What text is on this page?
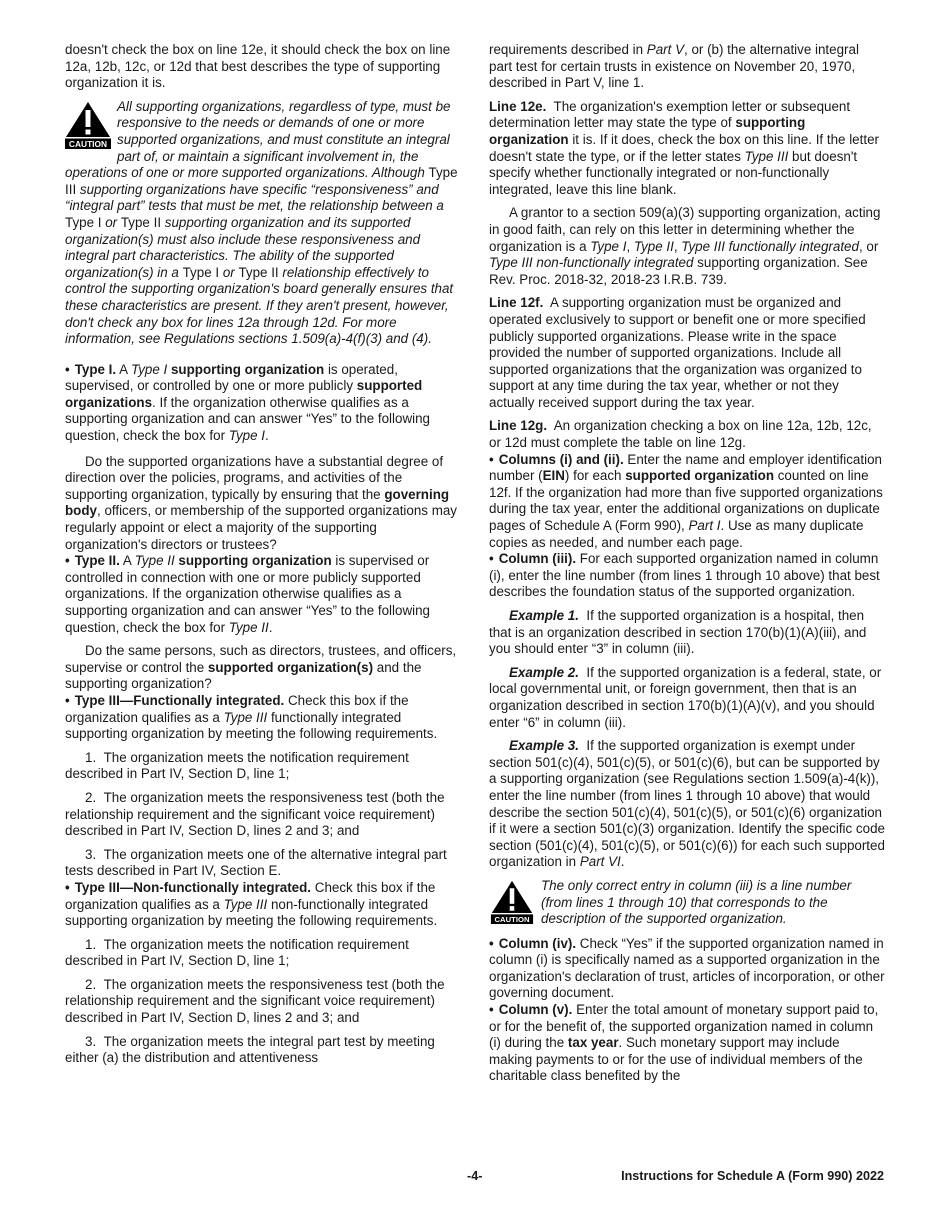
doesn't check the box on line 12e, it should check the box on line 12a, 12b, 12c, or 12d that best describes the type of supporting organization it is.

CAUTION
All supporting organizations, regardless of type, must be responsive to the needs or demands of one or more supported organizations, and must constitute an integral part of, or maintain a significant involvement in, the operations of one or more supported organizations. Although Type III supporting organizations have specific “responsiveness” and “integral part” tests that must be met, the relationship between a Type I or Type II supporting organization and its supported organization(s) must also include these responsiveness and integral part characteristics. The ability of the supported organization(s) in a Type I or Type II relationship effectively to control the supporting organization's board generally ensures that these characteristics are present. If they aren't present, however, don't check any box for lines 12a through 12d. For more information, see Regulations sections 1.509(a)-4(f)(3) and (4).

• Type I. A Type I supporting organization is operated, supervised, or controlled by one or more publicly supported organizations. If the organization otherwise qualifies as a supporting organization and can answer “Yes” to the following question, check the box for Type I.

Do the supported organizations have a substantial degree of direction over the policies, programs, and activities of the supporting organization, typically by ensuring that the governing body, officers, or membership of the supported organizations may regularly appoint or elect a majority of the supporting organization's directors or trustees?

• Type II. A Type II supporting organization is supervised or controlled in connection with one or more publicly supported organizations. If the organization otherwise qualifies as a supporting organization and can answer “Yes” to the following question, check the box for Type II.

Do the same persons, such as directors, trustees, and officers, supervise or control the supported organization(s) and the supporting organization?

• Type III—Functionally integrated. Check this box if the organization qualifies as a Type III functionally integrated supporting organization by meeting the following requirements.

1.  The organization meets the notification requirement described in Part IV, Section D, line 1;

2.  The organization meets the responsiveness test (both the relationship requirement and the significant voice requirement) described in Part IV, Section D, lines 2 and 3; and

3.  The organization meets one of the alternative integral part tests described in Part IV, Section E.

• Type III—Non-functionally integrated. Check this box if the organization qualifies as a Type III non-functionally integrated supporting organization by meeting the following requirements.

1.  The organization meets the notification requirement described in Part IV, Section D, line 1;

2.  The organization meets the responsiveness test (both the relationship requirement and the significant voice requirement) described in Part IV, Section D, lines 2 and 3; and

3.  The organization meets the integral part test by meeting either (a) the distribution and attentiveness

requirements described in Part V, or (b) the alternative integral part test for certain trusts in existence on November 20, 1970, described in Part V, line 1.

Line 12e.  The organization's exemption letter or subsequent determination letter may state the type of supporting organization it is. If it does, check the box on this line. If the letter doesn't state the type, or if the letter states Type III but doesn't specify whether functionally integrated or non-functionally integrated, leave this line blank.

A grantor to a section 509(a)(3) supporting organization, acting in good faith, can rely on this letter in determining whether the organization is a Type I, Type II, Type III functionally integrated, or Type III non-functionally integrated supporting organization. See Rev. Proc. 2018-32, 2018-23 I.R.B. 739.

Line 12f.  A supporting organization must be organized and operated exclusively to support or benefit one or more specified publicly supported organizations. Please write in the space provided the number of supported organizations. Include all supported organizations that the organization was organized to support at any time during the tax year, whether or not they actually received support during the tax year.

Line 12g.  An organization checking a box on line 12a, 12b, 12c, or 12d must complete the table on line 12g.

• Columns (i) and (ii). Enter the name and employer identification number (EIN) for each supported organization counted on line 12f. If the organization had more than five supported organizations during the tax year, enter the additional organizations on duplicate pages of Schedule A (Form 990), Part I. Use as many duplicate copies as needed, and number each page.

• Column (iii). For each supported organization named in column (i), enter the line number (from lines 1 through 10 above) that best describes the foundation status of the supported organization.

Example 1.  If the supported organization is a hospital, then that is an organization described in section 170(b)(1)(A)(iii), and you should enter “3” in column (iii).

Example 2.  If the supported organization is a federal, state, or local governmental unit, or foreign government, then that is an organization described in section 170(b)(1)(A)(v), and you should enter “6” in column (iii).

Example 3.  If the supported organization is exempt under section 501(c)(4), 501(c)(5), or 501(c)(6), but can be supported by a supporting organization (see Regulations section 1.509(a)-4(k)), enter the line number (from lines 1 through 10 above) that would describe the section 501(c)(4), 501(c)(5), or 501(c)(6) organization if it were a section 501(c)(3) organization. Identify the specific code section (501(c)(4), 501(c)(5), or 501(c)(6)) for each such supported organization in Part VI.

CAUTION
The only correct entry in column (iii) is a line number (from lines 1 through 10) that corresponds to the description of the supported organization.

• Column (iv). Check “Yes” if the supported organization named in column (i) is specifically named as a supported organization in the organization's declaration of trust, articles of incorporation, or other governing document.

• Column (v). Enter the total amount of monetary support paid to, or for the benefit of, the supported organization named in column (i) during the tax year. Such monetary support may include making payments to or for the use of individual members of the charitable class benefited by the

-4-	Instructions for Schedule A (Form 990) 2022
